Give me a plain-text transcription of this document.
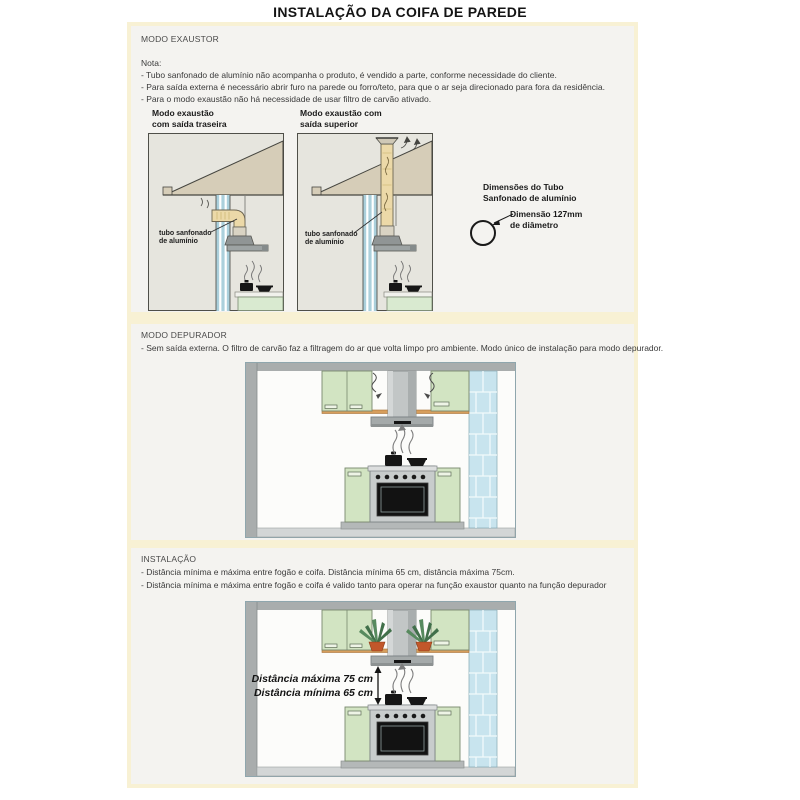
INSTALAÇÃO DA COIFA DE PAREDE
MODO EXAUSTOR
Nota:
- Tubo sanfonado de alumínio não acompanha o produto, é vendido a parte, conforme necessidade do cliente.
- Para saída externa é necessário abrir furo na parede ou forro/teto, para que o ar seja direcionado para fora da residência.
- Para o modo exaustão não há necessidade de usar filtro de carvão ativado.
Modo exaustão
com saída traseira
Modo exaustão com
saída superior
tubo sanfonado
de alumínio
tubo sanfonado
de alumínio
Dimensões do Tubo
Sanfonado de alumínio
Dimensão 127mm
de diâmetro
MODO DEPURADOR
- Sem saída externa. O filtro de carvão faz a filtragem do ar que volta limpo pro ambiente. Modo único de instalação para modo depurador.
INSTALAÇÃO
- Distância mínima e máxima entre fogão e coifa. Distância mínima 65 cm, distância máxima 75cm.
- Distância mínima e máxima entre fogão e coifa é valido tanto para operar na função exaustor quanto na função depurador
Distância máxima 75 cm
Distância mínima 65 cm
